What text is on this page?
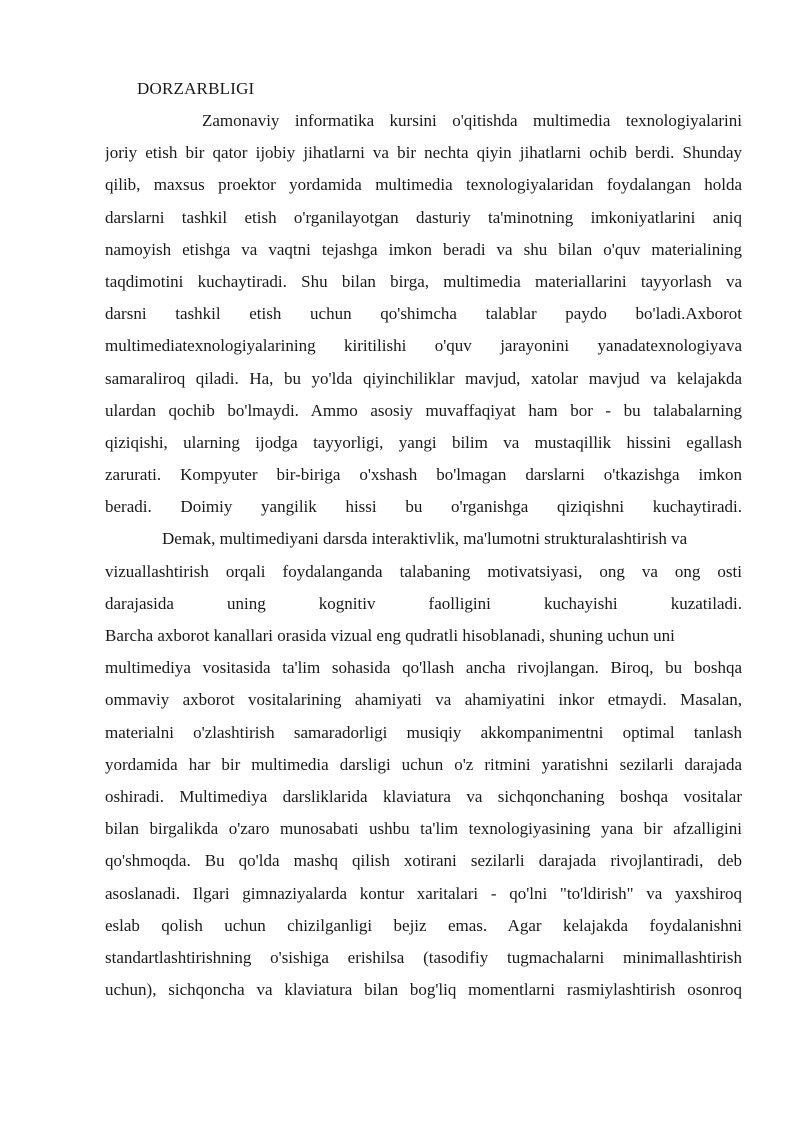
DORZARBLIGI
Zamonaviy informatika kursini o'qitishda multimedia texnologiyalarini
joriy etish bir qator ijobiy jihatlarni va bir nechta qiyin jihatlarni ochib berdi. Shunday
qilib, maxsus proektor yordamida multimedia texnologiyalaridan foydalangan holda
darslarni tashkil etish o'rganilayotgan dasturiy ta'minotning imkoniyatlarini aniq
namoyish etishga va vaqtni tejashga imkon beradi va shu bilan o'quv materialining
taqdimotini kuchaytiradi. Shu bilan birga, multimedia materiallarini tayyorlash va
darsni tashkil etish uchun qo'shimcha talablar paydo bo'ladi.Axborot
multimediatexnologiyalarining kiritilishi o'quv jarayonini yanadatexnologiyava
samaraliroq qiladi. Ha, bu yo'lda qiyinchiliklar mavjud, xatolar mavjud va kelajakda
ulardan qochib bo'lmaydi. Ammo asosiy muvaffaqiyat ham bor - bu talabalarning
qiziqishi, ularning ijodga tayyorligi, yangi bilim va mustaqillik hissini egallash
zarurati. Kompyuter bir-biriga o'xshash bo'lmagan darslarni o'tkazishga imkon
beradi. Doimiy yangilik hissi bu o'rganishga qiziqishni kuchaytiradi.
Demak, multimediyani darsda interaktivlik, ma'lumotni strukturalashtirish va
vizuallashtirish orqali foydalanganda talabaning motivatsiyasi, ong va ong osti
darajasida uning kognitiv faolligini kuchayishi kuzatiladi.
Barcha axborot kanallari orasida vizual eng qudratli hisoblanadi, shuning uchun uni
multimediya vositasida ta'lim sohasida qo'llash ancha rivojlangan. Biroq, bu boshqa
ommaviy axborot vositalarining ahamiyati va ahamiyatini inkor etmaydi. Masalan,
materialni o'zlashtirish samaradorligi musiqiy akkompanimentni optimal tanlash
yordamida har bir multimedia darsligi uchun o'z ritmini yaratishni sezilarli darajada
oshiradi. Multimediya darsliklarida klaviatura va sichqonchaning boshqa vositalar
bilan birgalikda o'zaro munosabati ushbu ta'lim texnologiyasining yana bir afzalligini
qo'shmoqda. Bu qo'lda mashq qilish xotirani sezilarli darajada rivojlantiradi, deb
asoslanadi. Ilgari gimnaziyalarda kontur xaritalari - qo'lni "to'ldirish" va yaxshiroq
eslab qolish uchun chizilganligi bejiz emas. Agar kelajakda foydalanishni
standartlashtirishning o'sishiga erishilsa (tasodifiy tugmachalarni minimallashtirish
uchun), sichqoncha va klaviatura bilan bog'liq momentlarni rasmiylashtirish osonroq
